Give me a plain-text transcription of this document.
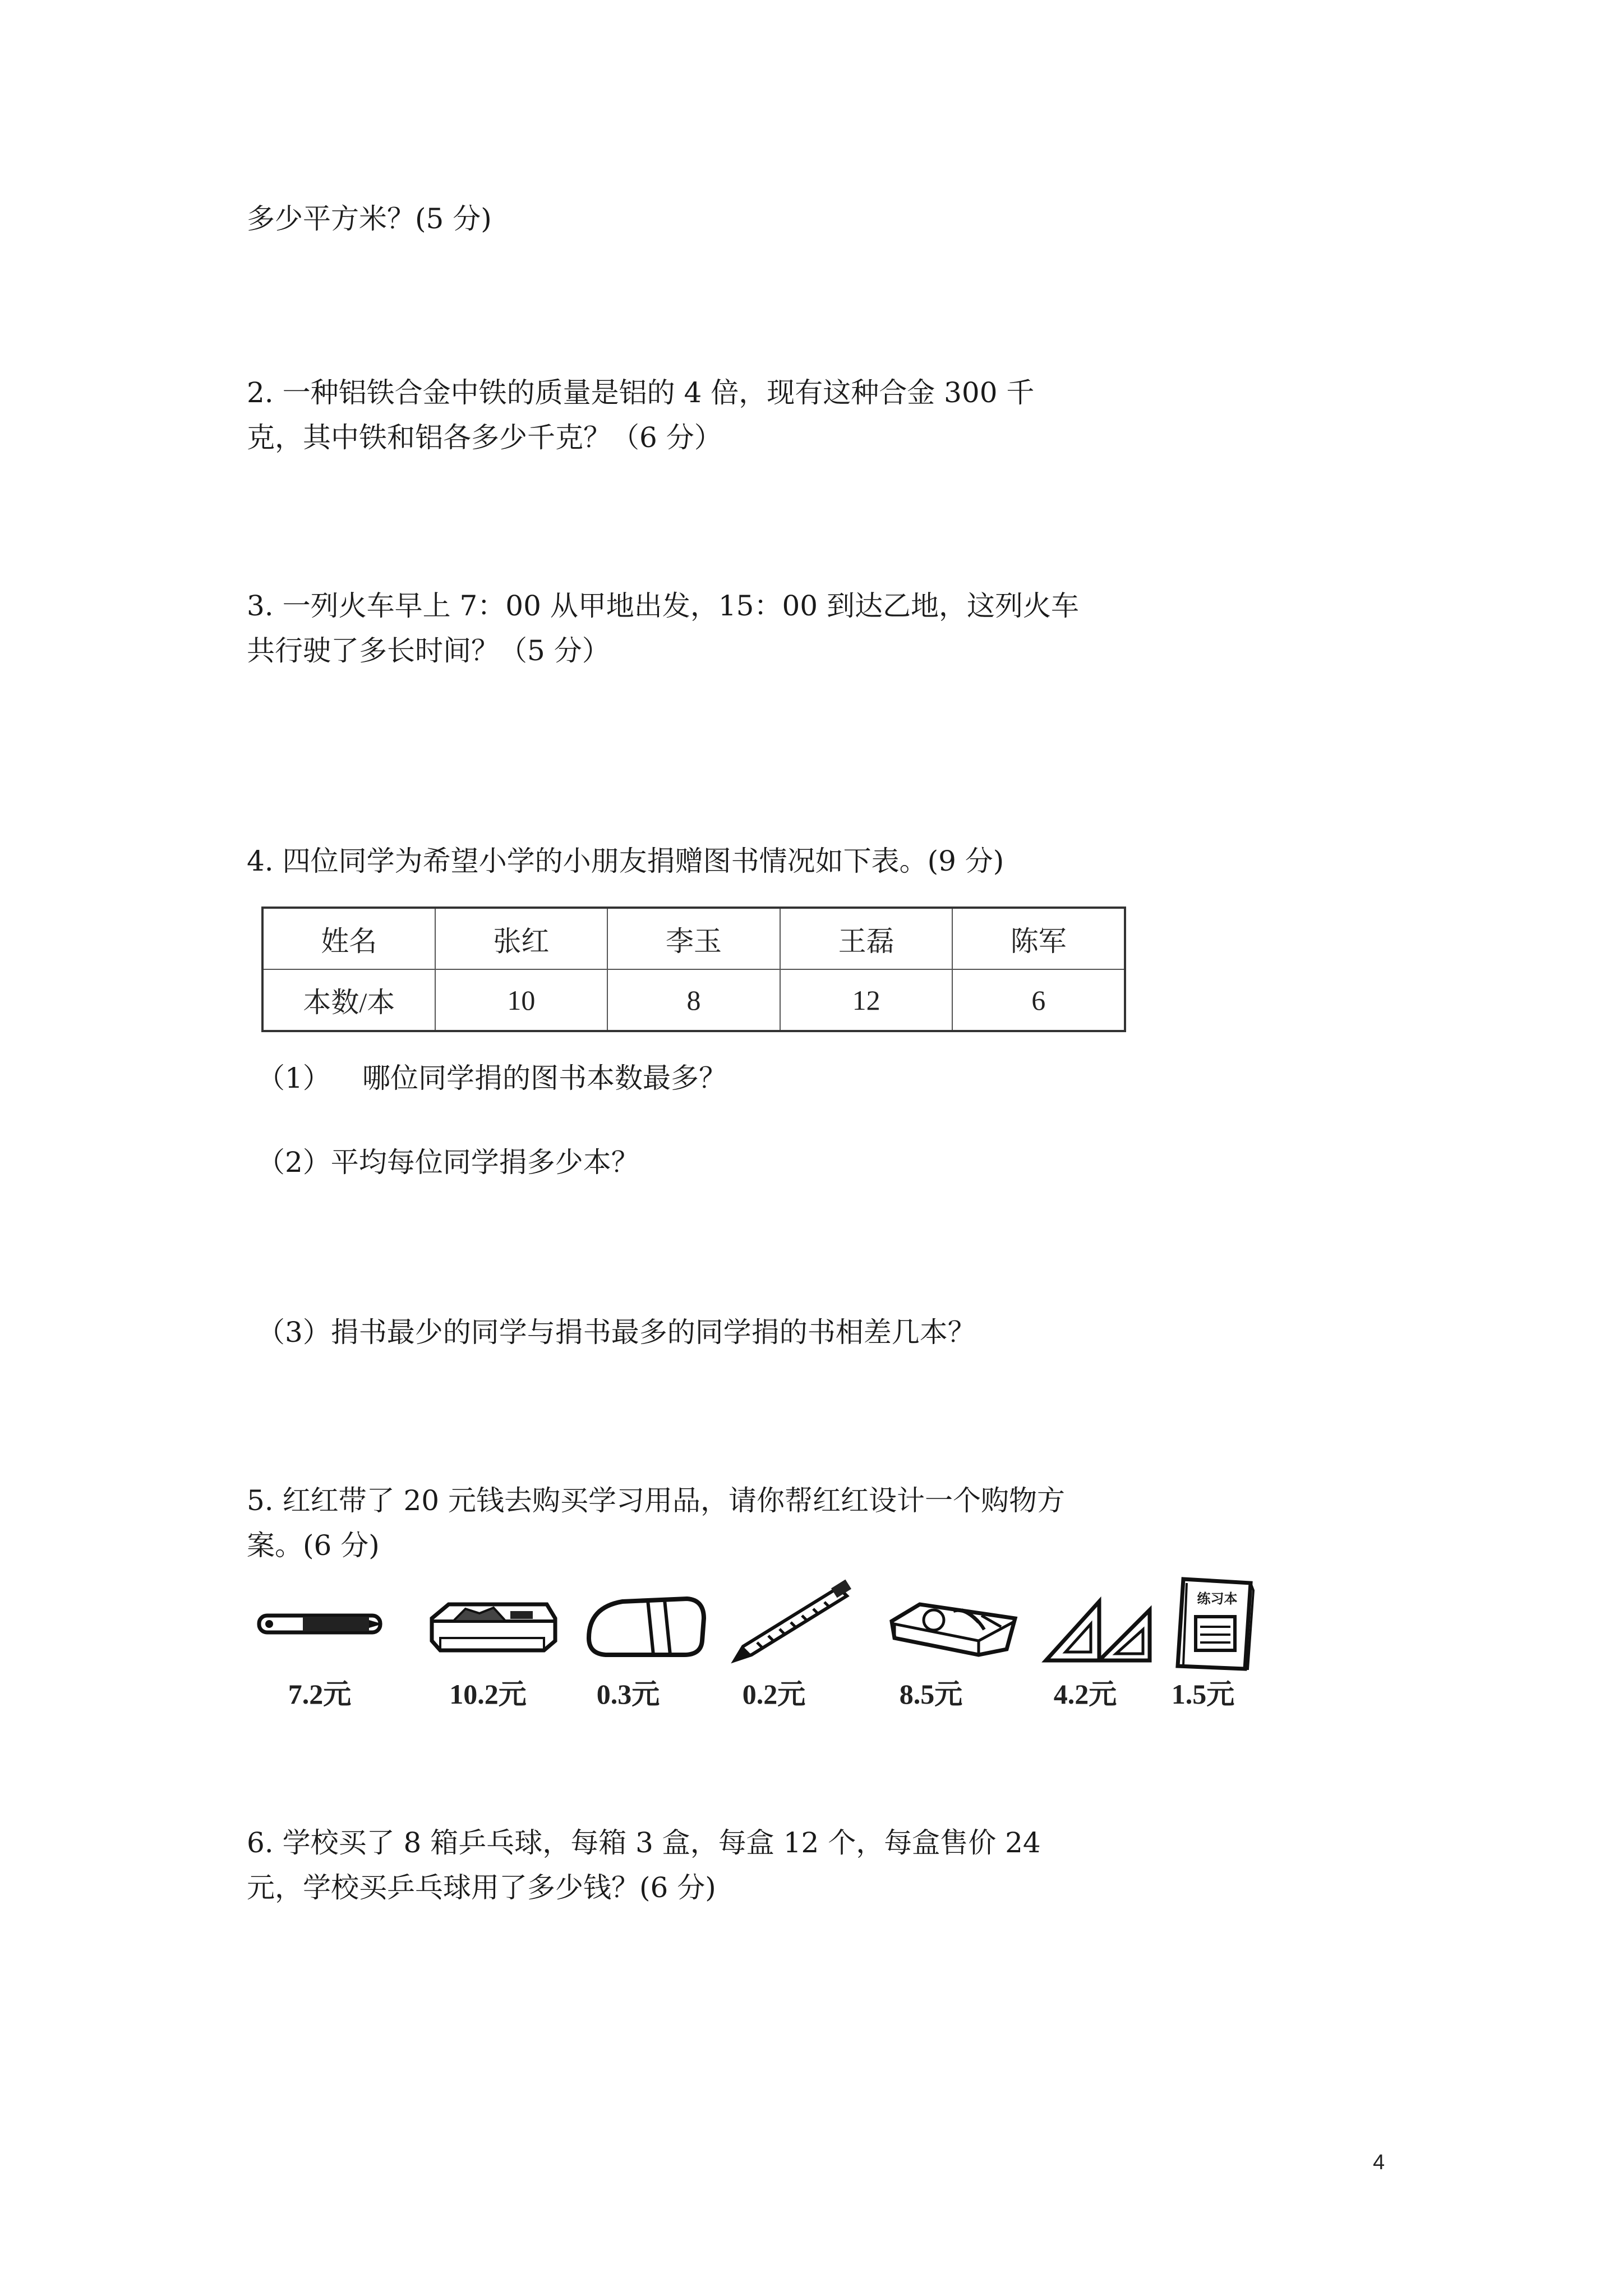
多少平方米？(5 分)
2. 一种铝铁合金中铁的质量是铝的 4 倍，现有这种合金 300 千
克，其中铁和铝各多少千克？（6 分）
3. 一列火车早上 7：00 从甲地出发，15：00 到达乙地，这列火车
共行驶了多长时间？（5 分）
4. 四位同学为希望小学的小朋友捐赠图书情况如下表。(9 分)
姓名	张红	李玉	王磊	陈军
本数/本	10	8	12	6
（1） 哪位同学捐的图书本数最多？
（2）平均每位同学捐多少本？
（3）捐书最少的同学与捐书最多的同学捐的书相差几本？
5. 红红带了 20 元钱去购买学习用品，请你帮红红设计一个购物方
案。(6 分)
7.2元	10.2元	0.3元	0.2元	8.5元	4.2元
练习本
1.5元
6. 学校买了 8 箱乒乓球，每箱 3 盒，每盒 12 个，每盒售价 24
元，学校买乒乓球用了多少钱？(6 分)
4
